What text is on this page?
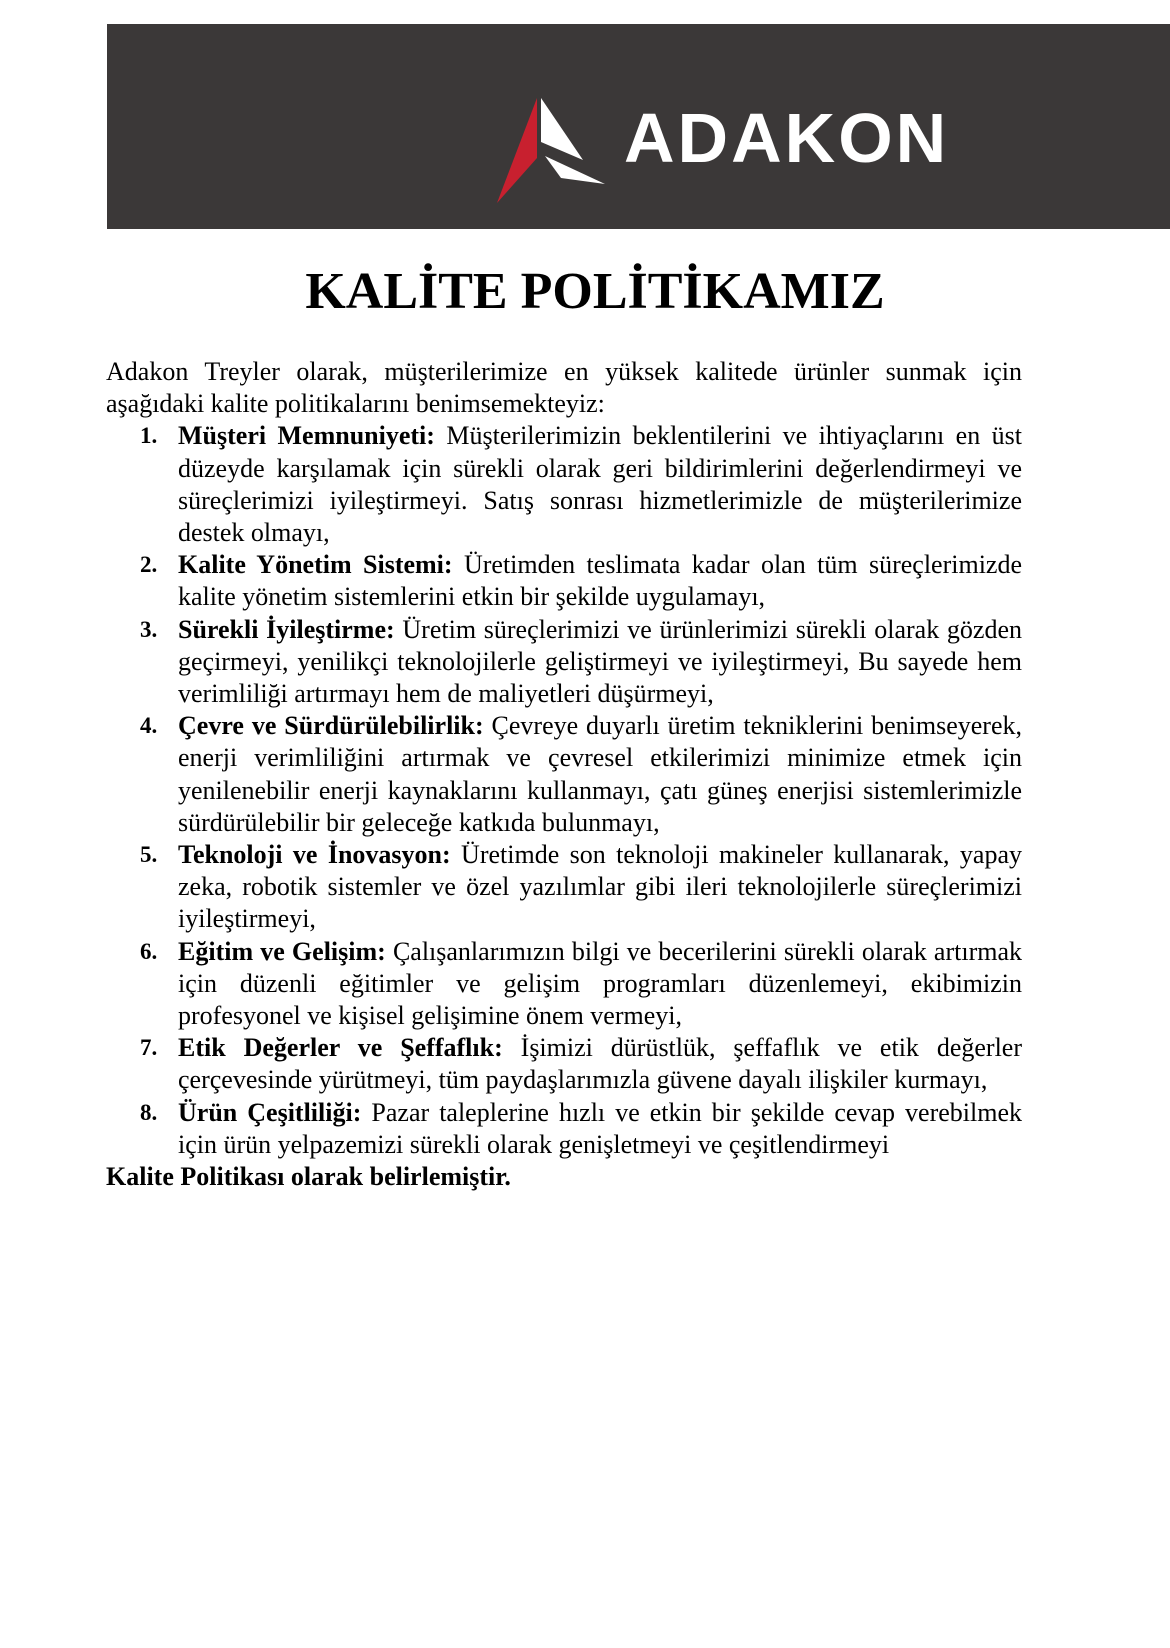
ADAKON
KALİTE POLİTİKAMIZ

Adakon Treyler olarak, müşterilerimize en yüksek kalitede ürünler sunmak için aşağıdaki kalite politikalarını benimsemekteyiz:

1. Müşteri Memnuniyeti: Müşterilerimizin beklentilerini ve ihtiyaçlarını en üst düzeyde karşılamak için sürekli olarak geri bildirimlerini değerlendirmeyi ve süreçlerimizi iyileştirmeyi. Satış sonrası hizmetlerimizle de müşterilerimize destek olmayı,
2. Kalite Yönetim Sistemi: Üretimden teslimata kadar olan tüm süreçlerimizde kalite yönetim sistemlerini etkin bir şekilde uygulamayı,
3. Sürekli İyileştirme: Üretim süreçlerimizi ve ürünlerimizi sürekli olarak gözden geçirmeyi, yenilikçi teknolojilerle geliştirmeyi ve iyileştirmeyi, Bu sayede hem verimliliği artırmayı hem de maliyetleri düşürmeyi,
4. Çevre ve Sürdürülebilirlik: Çevreye duyarlı üretim tekniklerini benimseyerek, enerji verimliliğini artırmak ve çevresel etkilerimizi minimize etmek için yenilenebilir enerji kaynaklarını kullanmayı, çatı güneş enerjisi sistemlerimizle sürdürülebilir bir geleceğe katkıda bulunmayı,
5. Teknoloji ve İnovasyon: Üretimde son teknoloji makineler kullanarak, yapay zeka, robotik sistemler ve özel yazılımlar gibi ileri teknolojilerle süreçlerimizi iyileştirmeyi,
6. Eğitim ve Gelişim: Çalışanlarımızın bilgi ve becerilerini sürekli olarak artırmak için düzenli eğitimler ve gelişim programları düzenlemeyi, ekibimizin profesyonel ve kişisel gelişimine önem vermeyi,
7. Etik Değerler ve Şeffaflık: İşimizi dürüstlük, şeffaflık ve etik değerler çerçevesinde yürütmeyi, tüm paydaşlarımızla güvene dayalı ilişkiler kurmayı,
8. Ürün Çeşitliliği: Pazar taleplerine hızlı ve etkin bir şekilde cevap verebilmek için ürün yelpazemizi sürekli olarak genişletmeyi ve çeşitlendirmeyi

Kalite Politikası olarak belirlemiştir.
